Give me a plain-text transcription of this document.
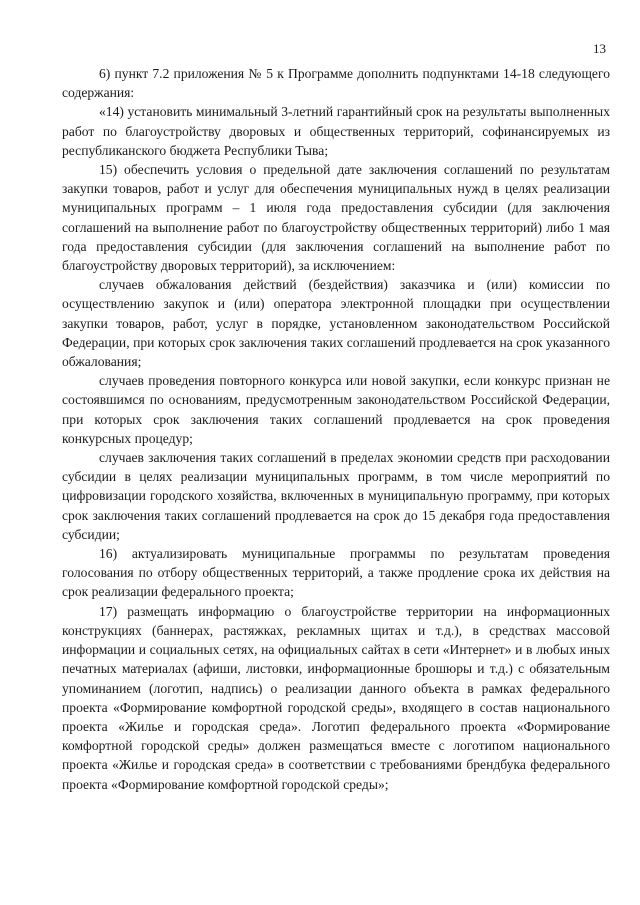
13

6) пункт 7.2 приложения № 5 к Программе дополнить подпунктами 14-18 следующего содержания:

«14) установить минимальный 3-летний гарантийный срок на результаты выполненных работ по благоустройству дворовых и общественных территорий, софинансируемых из республиканского бюджета Республики Тыва;

15) обеспечить условия о предельной дате заключения соглашений по результатам закупки товаров, работ и услуг для обеспечения муниципальных нужд в целях реализации муниципальных программ – 1 июля года предоставления субсидии (для заключения соглашений на выполнение работ по благоустройству общественных территорий) либо 1 мая года предоставления субсидии (для заключения соглашений на выполнение работ по благоустройству дворовых территорий), за исключением:

случаев обжалования действий (бездействия) заказчика и (или) комиссии по осуществлению закупок и (или) оператора электронной площадки при осуществлении закупки товаров, работ, услуг в порядке, установленном законодательством Российской Федерации, при которых срок заключения таких соглашений продлевается на срок указанного обжалования;

случаев проведения повторного конкурса или новой закупки, если конкурс признан не состоявшимся по основаниям, предусмотренным законодательством Российской Федерации, при которых срок заключения таких соглашений продлевается на срок проведения конкурсных процедур;

случаев заключения таких соглашений в пределах экономии средств при расходовании субсидии в целях реализации муниципальных программ, в том числе мероприятий по цифровизации городского хозяйства, включенных в муниципальную программу, при которых срок заключения таких соглашений продлевается на срок до 15 декабря года предоставления субсидии;

16) актуализировать муниципальные программы по результатам проведения голосования по отбору общественных территорий, а также продление срока их действия на срок реализации федерального проекта;

17) размещать информацию о благоустройстве территории на информационных конструкциях (баннерах, растяжках, рекламных щитах и т.д.), в средствах массовой информации и социальных сетях, на официальных сайтах в сети «Интернет» и в любых иных печатных материалах (афиши, листовки, информационные брошюры и т.д.) с обязательным упоминанием (логотип, надпись) о реализации данного объекта в рамках федерального проекта «Формирование комфортной городской среды», входящего в состав национального проекта «Жилье и городская среда». Логотип федерального проекта «Формирование комфортной городской среды» должен размещаться вместе с логотипом национального проекта «Жилье и городская среда» в соответствии с требованиями брендбука федерального проекта «Формирование комфортной городской среды»;
